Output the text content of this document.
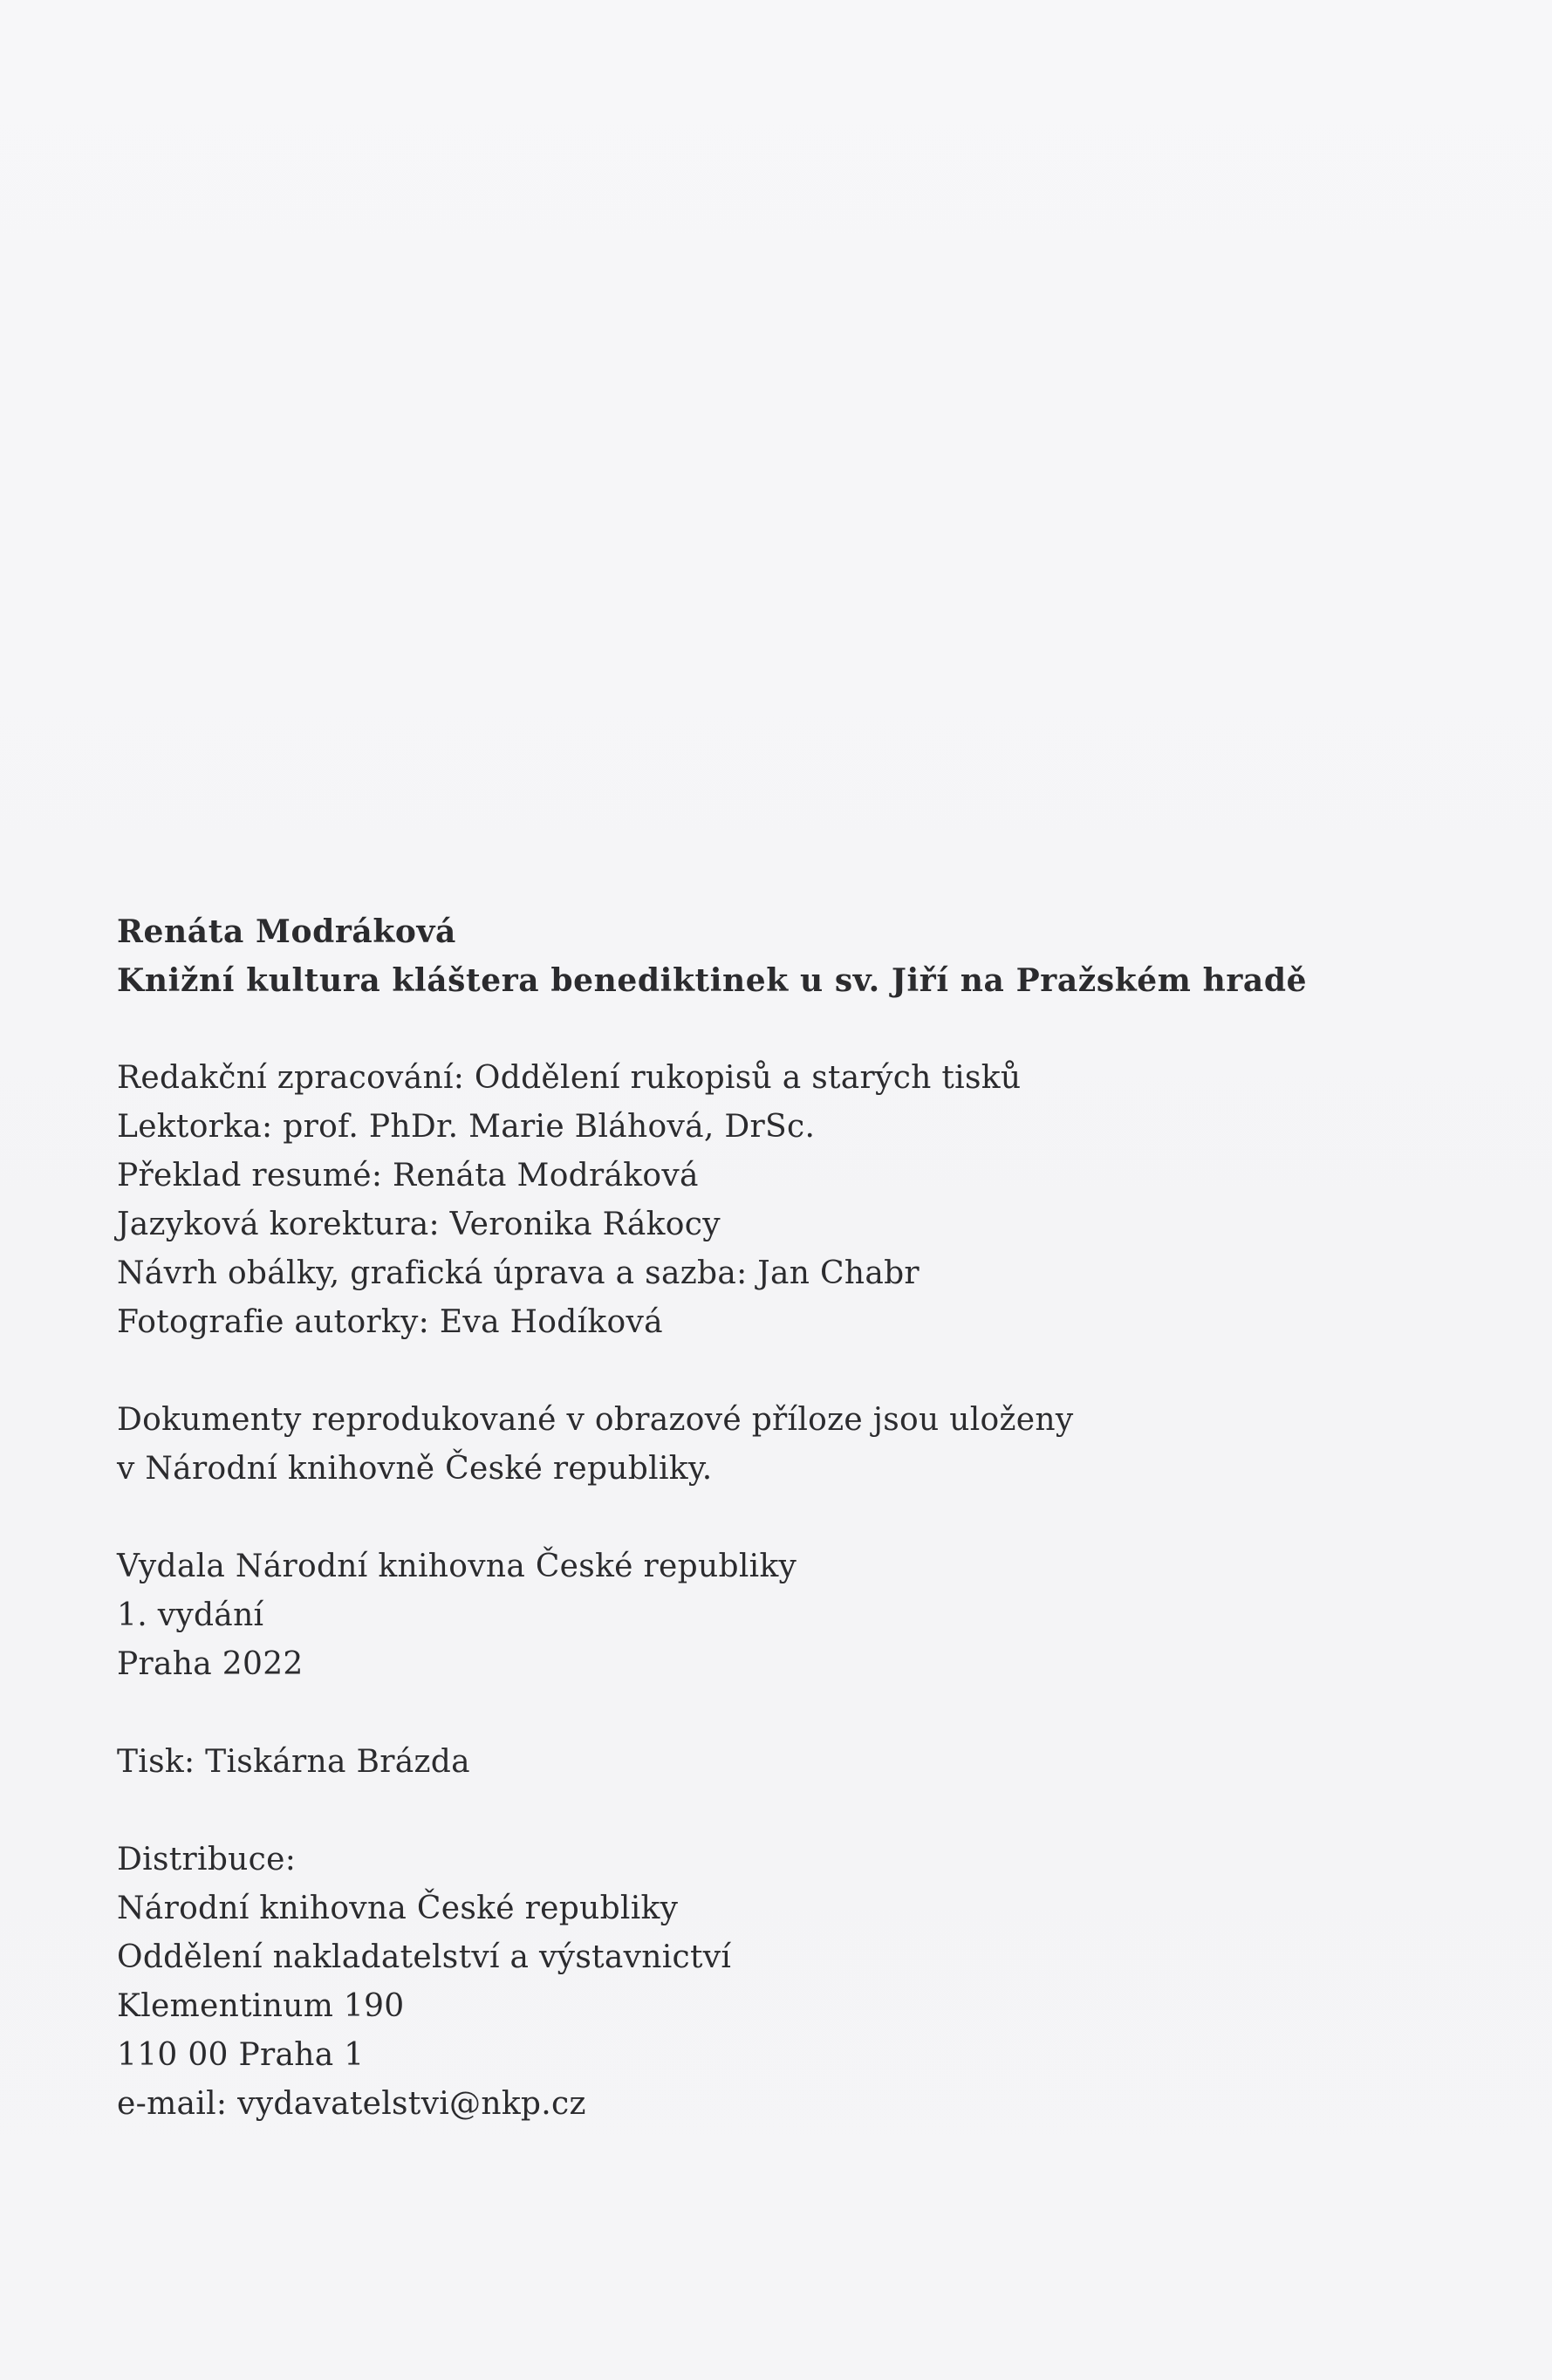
Renáta Modráková
Knižní kultura kláštera benediktinek u sv. Jiří na Pražském hradě
Redakční zpracování: Oddělení rukopisů a starých tisků
Lektorka: prof. PhDr. Marie Bláhová, DrSc.
Překlad resumé: Renáta Modráková
Jazyková korektura: Veronika Rákocy
Návrh obálky, grafická úprava a sazba: Jan Chabr
Fotografie autorky: Eva Hodíková
Dokumenty reprodukované v obrazové příloze jsou uloženy
v Národní knihovně České republiky.
Vydala Národní knihovna České republiky
1. vydání
Praha 2022
Tisk: Tiskárna Brázda
Distribuce:
Národní knihovna České republiky
Oddělení nakladatelství a výstavnictví
Klementinum 190
110 00 Praha 1
e-mail: vydavatelstvi@nkp.cz
